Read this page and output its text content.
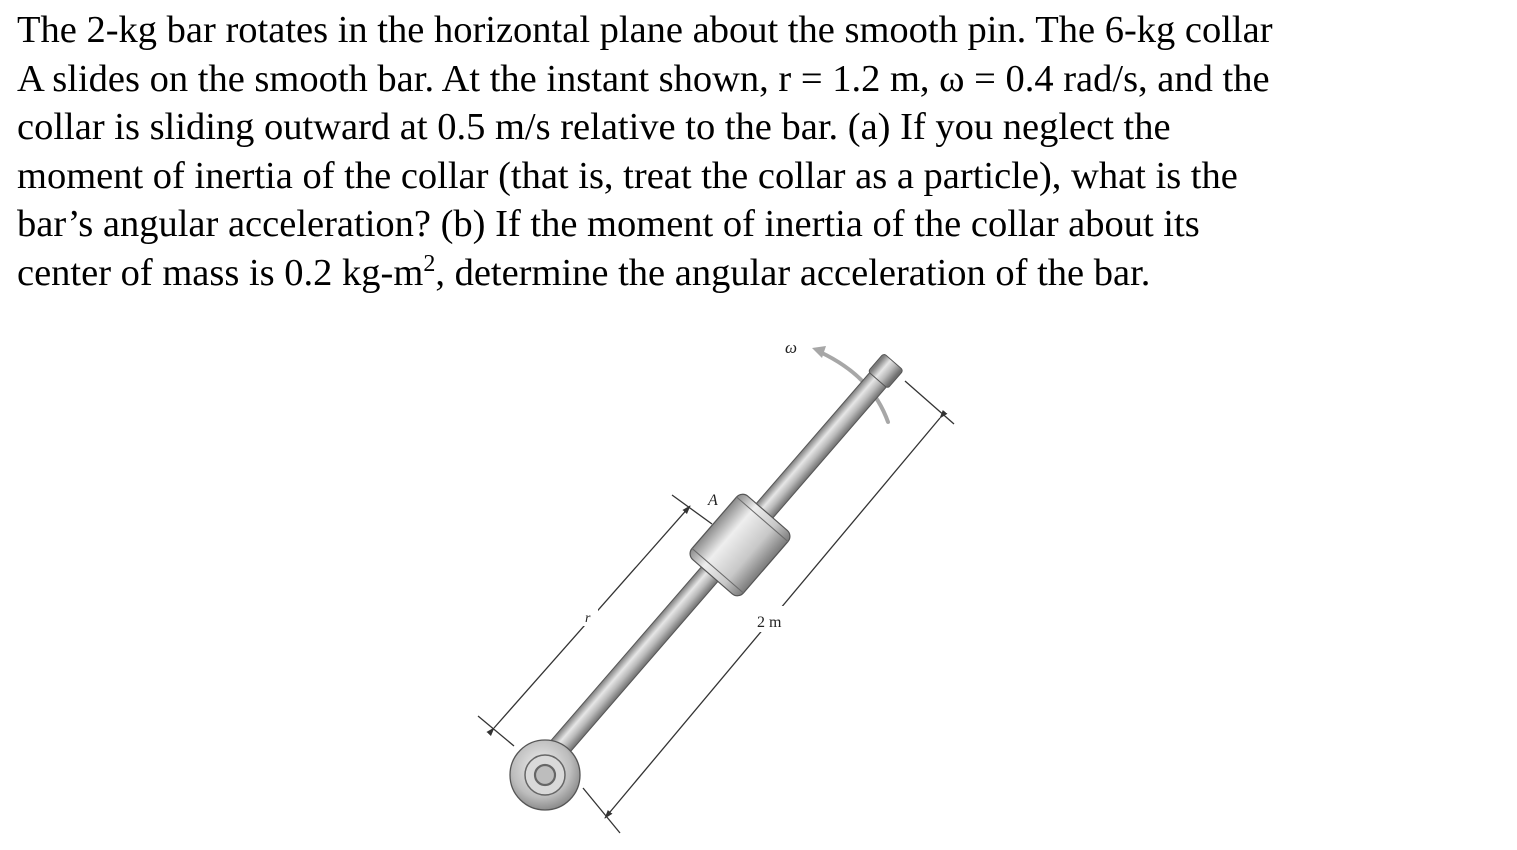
The 2-kg bar rotates in the horizontal plane about the smooth pin. The 6-kg collar
A slides on the smooth bar. At the instant shown, r = 1.2 m, ω = 0.4 rad/s, and the
collar is sliding outward at 0.5 m/s relative to the bar. (a) If you neglect the
moment of inertia of the collar (that is, treat the collar as a particle), what is the
bar’s angular acceleration? (b) If the moment of inertia of the collar about its
center of mass is 0.2 $kg-m^2$, determine the angular acceleration of the bar.
r	2 m
ω
A
